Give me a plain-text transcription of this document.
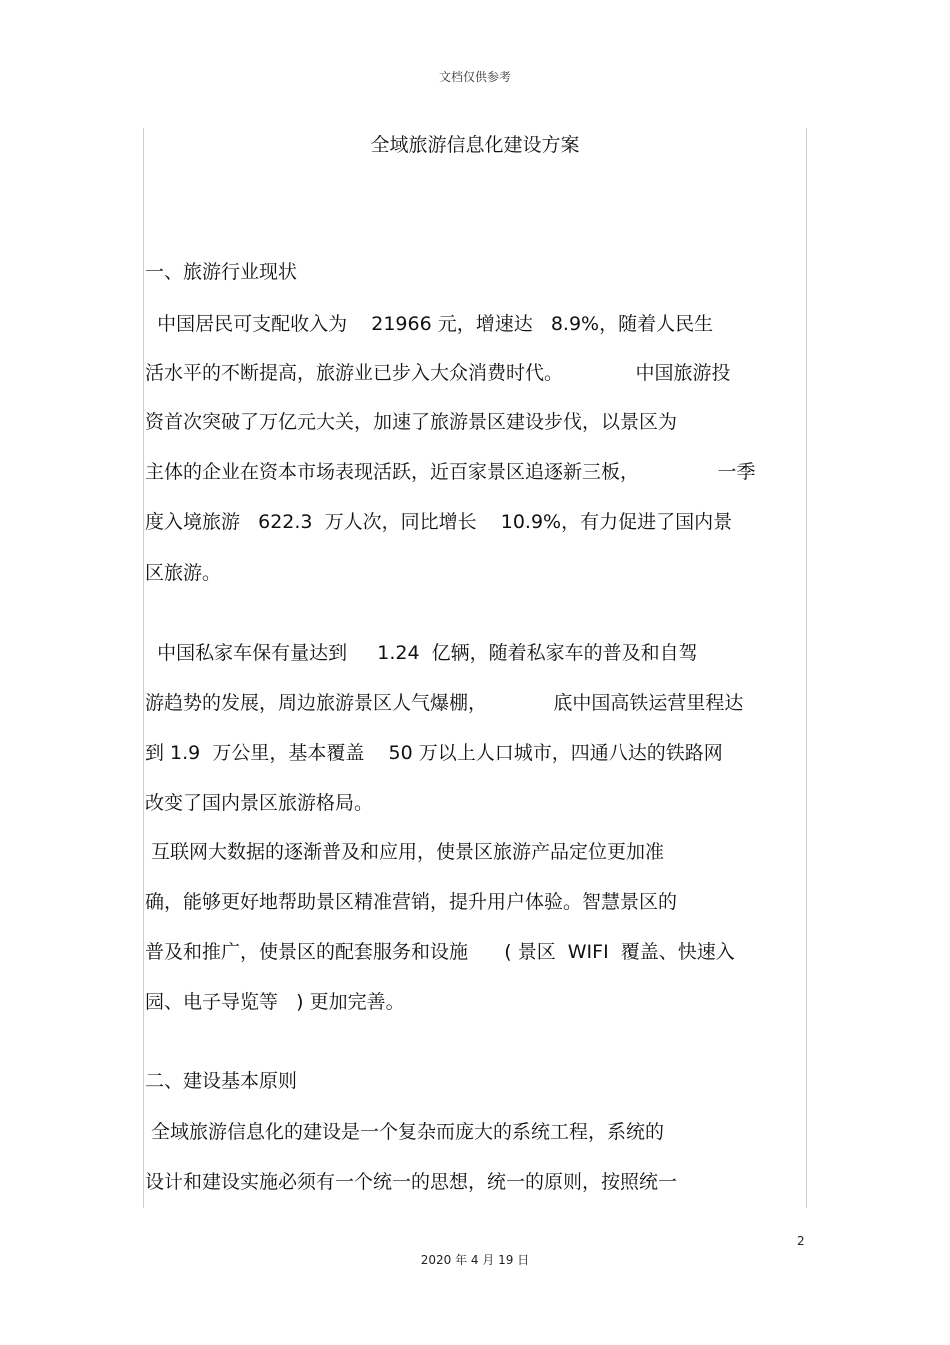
文档仅供参考
全域旅游信息化建设方案
一、旅游行业现状
中国居民可支配收入为    21966 元，增速达   8.9%，随着人民生
活水平的不断提高，旅游业已步入大众消费时代。            中国旅游投
资首次突破了万亿元大关，加速了旅游景区建设步伐，以景区为
主体的企业在资本市场表现活跃，近百家景区追逐新三板，             一季
度入境旅游   622.3  万人次，同比增长    10.9%，有力促进了国内景
区旅游。
中国私家车保有量达到     1.24  亿辆，随着私家车的普及和自驾
游趋势的发展，周边旅游景区人气爆棚，           底中国高铁运营里程达
到 1.9  万公里，基本覆盖    50 万以上人口城市，四通八达的铁路网
改变了国内景区旅游格局。
互联网大数据的逐渐普及和应用，使景区旅游产品定位更加准
确，能够更好地帮助景区精准营销，提升用户体验。智慧景区的
普及和推广，使景区的配套服务和设施      ( 景区  WIFI  覆盖、快速入
园、电子导览等   ) 更加完善。
二、建设基本原则
全域旅游信息化的建设是一个复杂而庞大的系统工程，系统的
设计和建设实施必须有一个统一的思想，统一的原则，按照统一
2
2020 年 4 月 19 日
